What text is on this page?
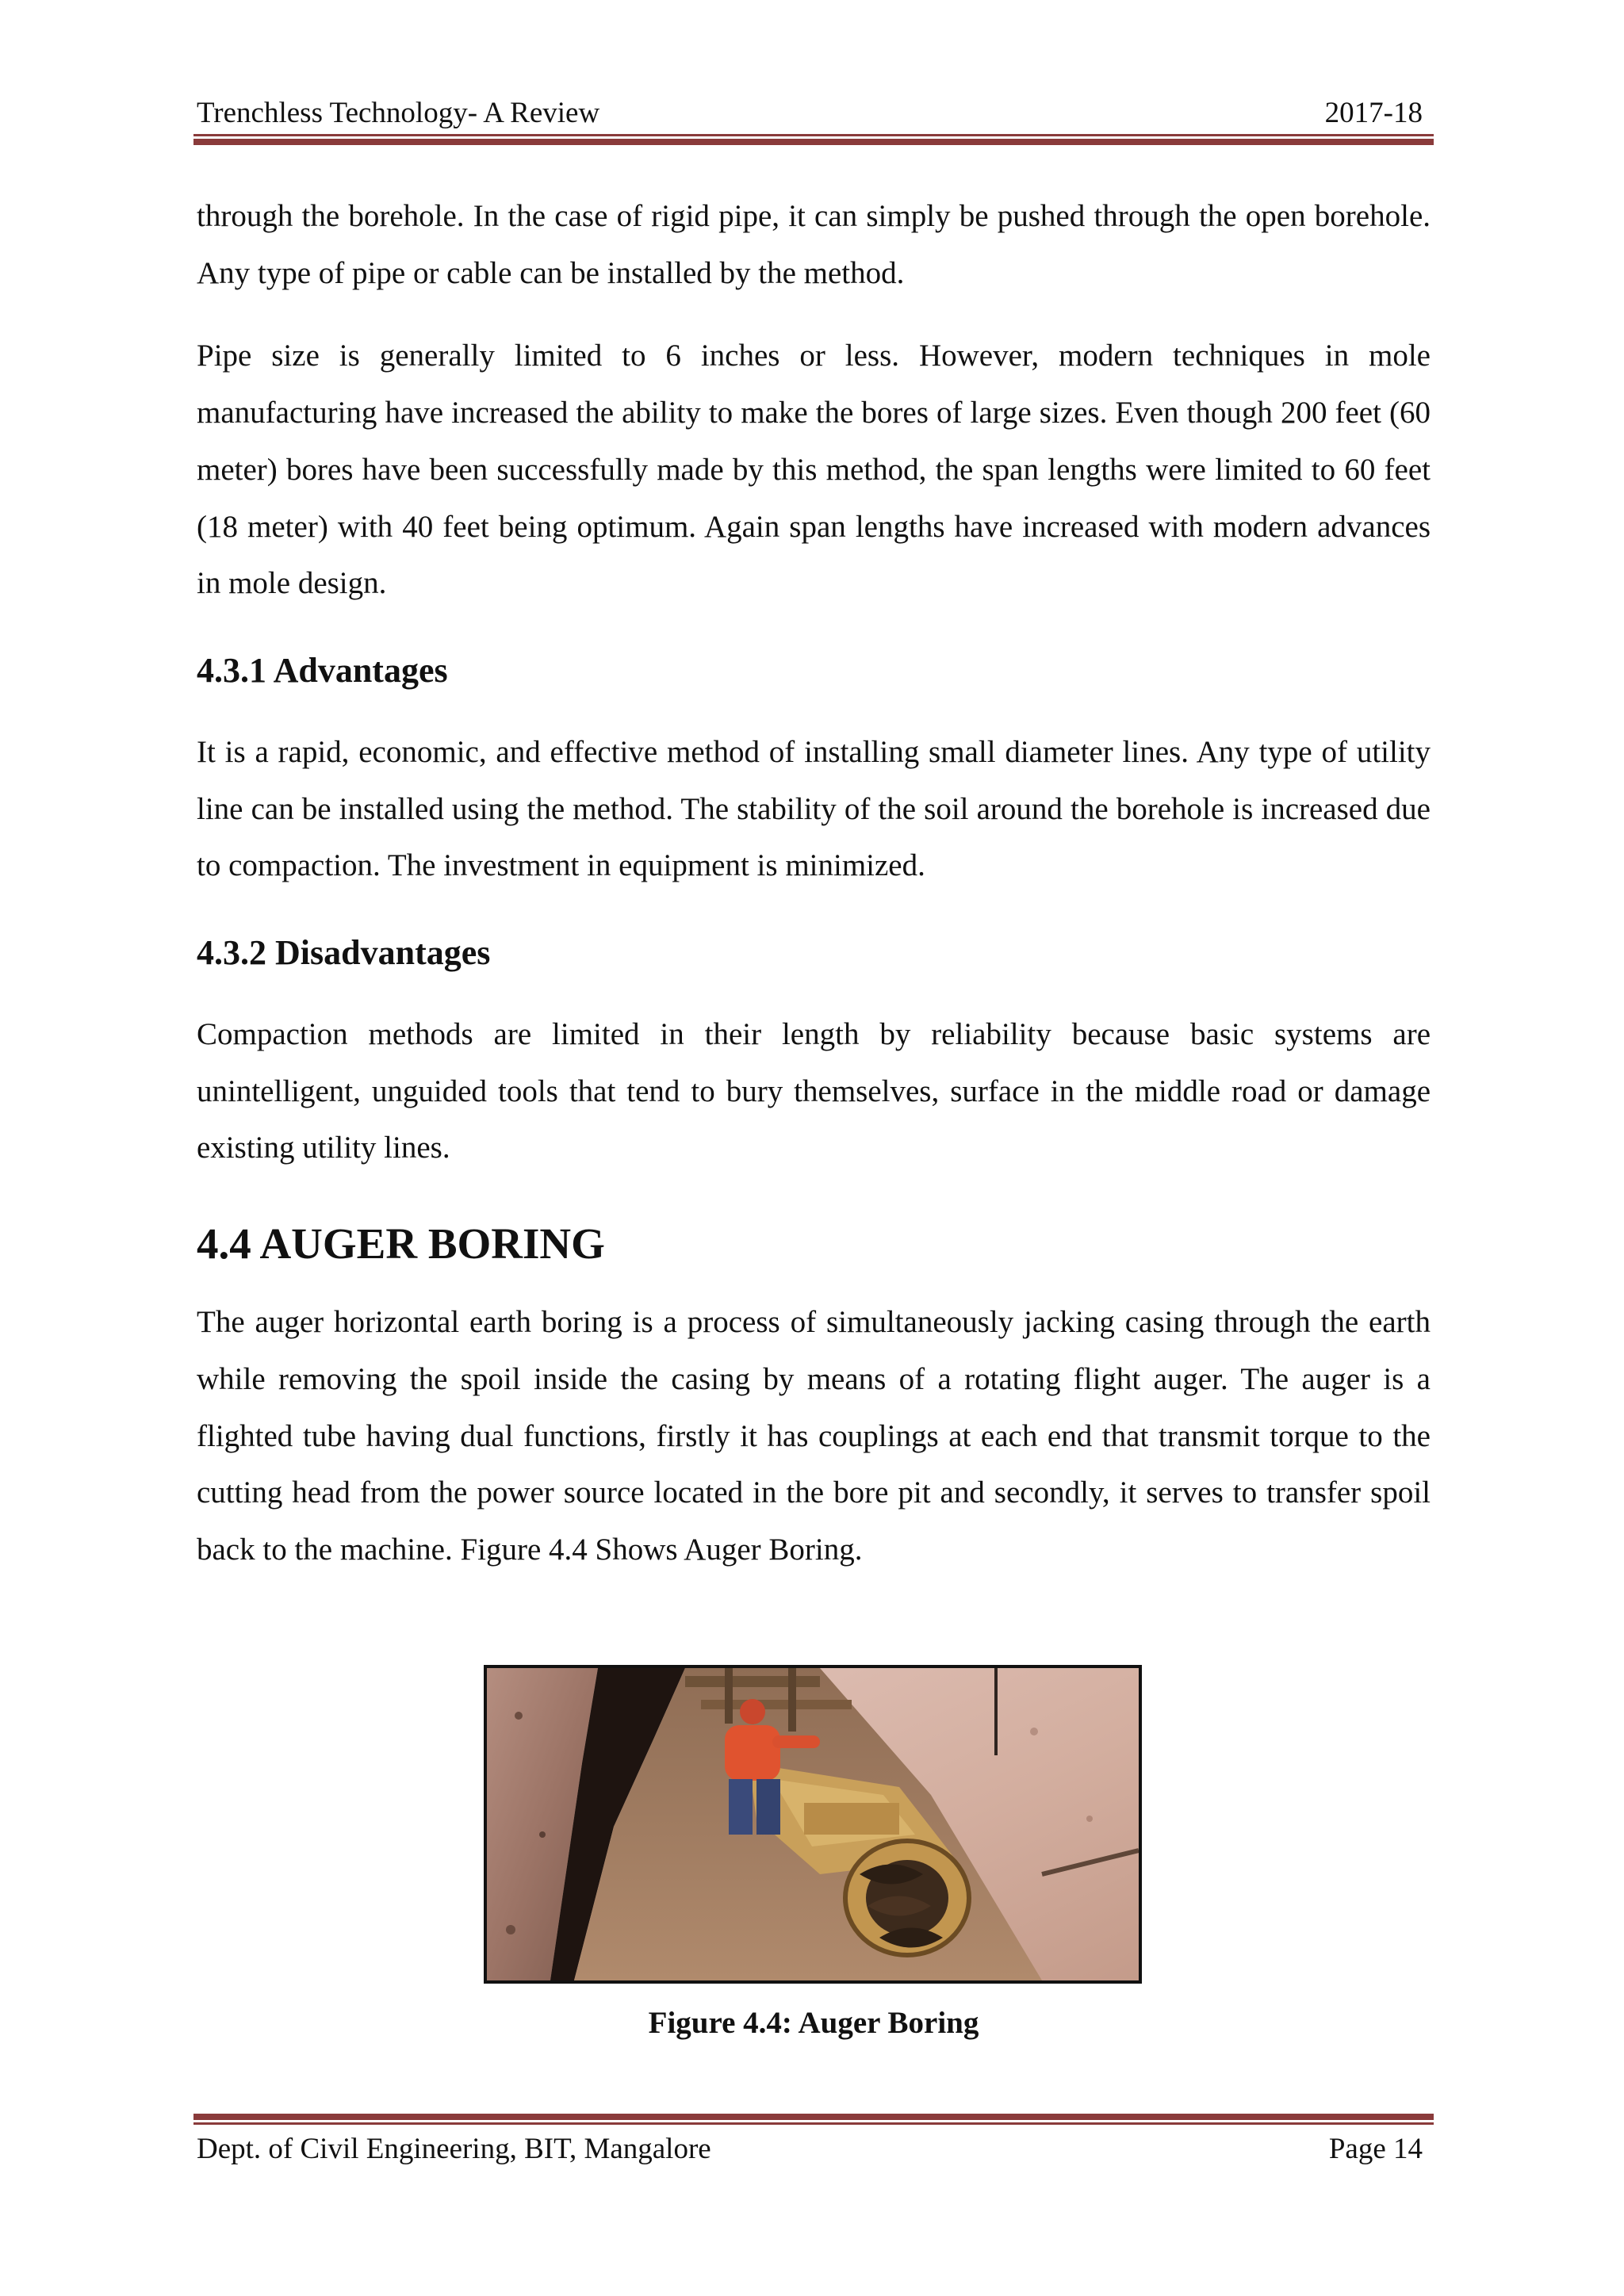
Trenchless Technology- A Review	2017-18

through the borehole. In the case of rigid pipe, it can simply be pushed through the open borehole. Any type of pipe or cable can be installed by the method.

Pipe size is generally limited to 6 inches or less. However, modern techniques in mole manufacturing have increased the ability to make the bores of large sizes. Even though 200 feet (60 meter) bores have been successfully made by this method, the span lengths were limited to 60 feet (18 meter) with 40 feet being optimum. Again span lengths have increased with modern advances in mole design.

4.3.1 Advantages

It is a rapid, economic, and effective method of installing small diameter lines. Any type of utility line can be installed using the method. The stability of the soil around the borehole is increased due to compaction. The investment in equipment is minimized.

4.3.2 Disadvantages

Compaction methods are limited in their length by reliability because basic systems are unintelligent, unguided tools that tend to bury themselves, surface in the middle road or damage existing utility lines.

4.4 AUGER BORING

The auger horizontal earth boring is a process of simultaneously jacking casing through the earth while removing the spoil inside the casing by means of a rotating flight auger. The auger is a flighted tube having dual functions, firstly it has couplings at each end that transmit torque to the cutting head from the power source located in the bore pit and secondly, it serves to transfer spoil back to the machine. Figure 4.4 Shows Auger Boring.

Figure 4.4: Auger Boring
Dept. of Civil Engineering, BIT, Mangalore	Page 14
